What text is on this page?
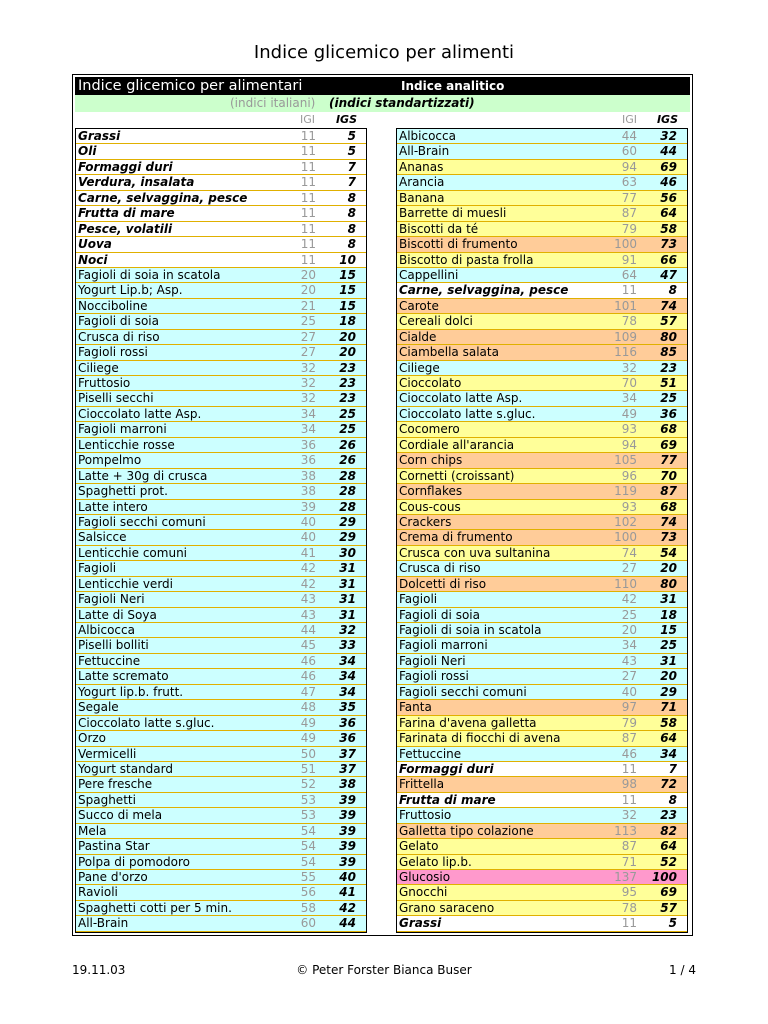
Indice glicemico per alimenti
Indice glicemico per alimentari	Indice analitico
(indici italiani) (indici standartizzati)
IGI	IGS	IGI	IGS
Grassi	11	5
Oli	11	5
Formaggi duri	11	7
Verdura, insalata	11	7
Carne, selvaggina, pesce	11	8
Frutta di mare	11	8
Pesce, volatili	11	8
Uova	11	8
Noci	11	10
Fagioli di soia in scatola	20	15
Yogurt Lip.b; Asp.	20	15
Nocciboline	21	15
Fagioli di soia	25	18
Crusca di riso	27	20
Fagioli rossi	27	20
Ciliege	32	23
Fruttosio	32	23
Piselli secchi	32	23
Cioccolato latte Asp.	34	25
Fagioli marroni	34	25
Lenticchie rosse	36	26
Pompelmo	36	26
Latte + 30g di crusca	38	28
Spaghetti prot.	38	28
Latte intero	39	28
Fagioli secchi comuni	40	29
Salsicce	40	29
Lenticchie comuni	41	30
Fagioli	42	31
Lenticchie verdi	42	31
Fagioli Neri	43	31
Latte di Soya	43	31
Albicocca	44	32
Piselli bolliti	45	33
Fettuccine	46	34
Latte scremato	46	34
Yogurt lip.b. frutt.	47	34
Segale	48	35
Cioccolato latte s.gluc.	49	36
Orzo	49	36
Vermicelli	50	37
Yogurt standard	51	37
Pere fresche	52	38
Spaghetti	53	39
Succo di mela	53	39
Mela	54	39
Pastina Star	54	39
Polpa di pomodoro	54	39
Pane d'orzo	55	40
Ravioli	56	41
Spaghetti cotti per 5 min.	58	42
All-Brain	60	44
Albicocca	44	32
All-Brain	60	44
Ananas	94	69
Arancia	63	46
Banana	77	56
Barrette di muesli	87	64
Biscotti da té	79	58
Biscotti di frumento	100	73
Biscotto di pasta frolla	91	66
Cappellini	64	47
Carne, selvaggina, pesce	11	8
Carote	101	74
Cereali dolci	78	57
Cialde	109	80
Ciambella salata	116	85
Ciliege	32	23
Cioccolato	70	51
Cioccolato latte Asp.	34	25
Cioccolato latte s.gluc.	49	36
Cocomero	93	68
Cordiale all'arancia	94	69
Corn chips	105	77
Cornetti (croissant)	96	70
Cornflakes	119	87
Cous-cous	93	68
Crackers	102	74
Crema di frumento	100	73
Crusca con uva sultanina	74	54
Crusca di riso	27	20
Dolcetti di riso	110	80
Fagioli	42	31
Fagioli di soia	25	18
Fagioli di soia in scatola	20	15
Fagioli marroni	34	25
Fagioli Neri	43	31
Fagioli rossi	27	20
Fagioli secchi comuni	40	29
Fanta	97	71
Farina d'avena galletta	79	58
Farinata di fiocchi di avena	87	64
Fettuccine	46	34
Formaggi duri	11	7
Frittella	98	72
Frutta di mare	11	8
Fruttosio	32	23
Galletta tipo colazione	113	82
Gelato	87	64
Gelato lip.b.	71	52
Glucosio	137	100
Gnocchi	95	69
Grano saraceno	78	57
Grassi	11	5
19.11.03	© Peter Forster Bianca Buser	1 / 4
